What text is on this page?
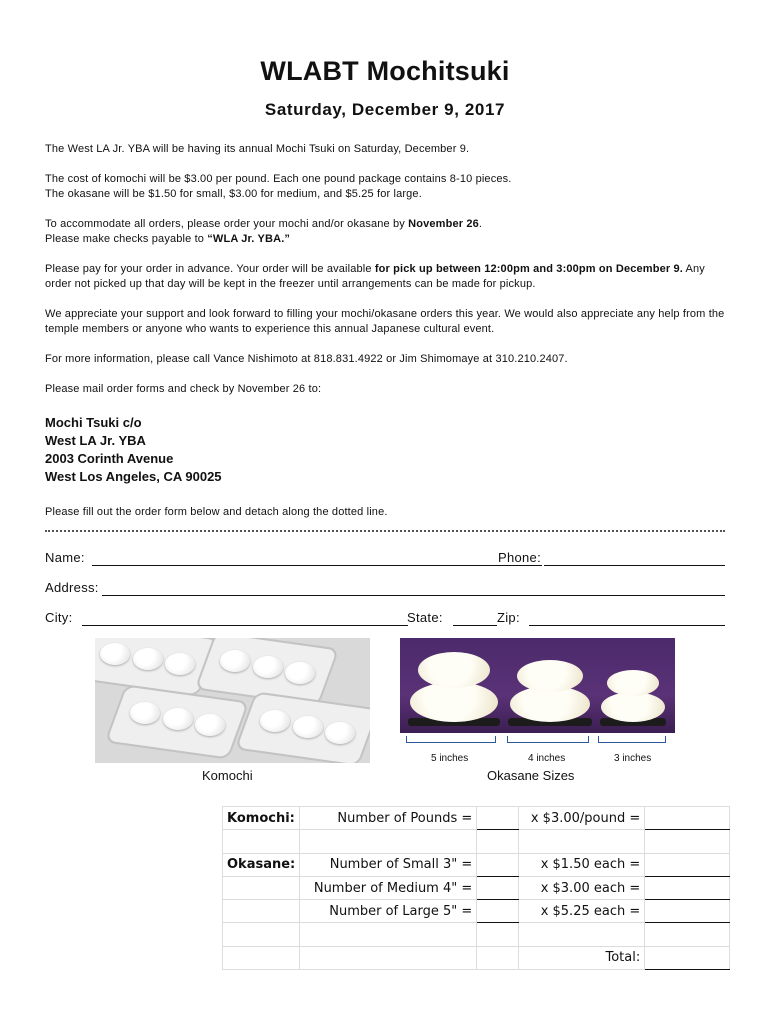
WLABT Mochitsuki
Saturday, December 9, 2017

The West LA Jr. YBA will be having its annual Mochi Tsuki on Saturday, December 9.

The cost of komochi will be $3.00 per pound. Each one pound package contains 8-10 pieces.
The okasane will be $1.50 for small, $3.00 for medium, and $5.25 for large.

To accommodate all orders, please order your mochi and/or okasane by November 26.
Please make checks payable to “WLA Jr. YBA.”

Please pay for your order in advance. Your order will be available for pick up between 12:00pm and 3:00pm on December 9. Any order not picked up that day will be kept in the freezer until arrangements can be made for pickup.

We appreciate your support and look forward to filling your mochi/okasane orders this year. We would also appreciate any help from the temple members or anyone who wants to experience this annual Japanese cultural event.

For more information, please call Vance Nishimoto at 818.831.4922 or Jim Shimomaye at 310.210.2407.

Please mail order forms and check by November 26 to:

Mochi Tsuki c/o
West LA Jr. YBA
2003 Corinth Avenue
West Los Angeles, CA 90025

Please fill out the order form below and detach along the dotted line.

Name:	Phone:
Address:
City:	State:	Zip:
Komochi
5 inches	4 inches	3 inches
Okasane Sizes
Komochi:	Number of Pounds =		x $3.00/pound =	

Okasane:	Number of Small 3" =		x $1.50 each =	
	Number of Medium 4" =		x $3.00 each =	
	Number of Large 5" =		x $5.25 each =	

			Total:	
